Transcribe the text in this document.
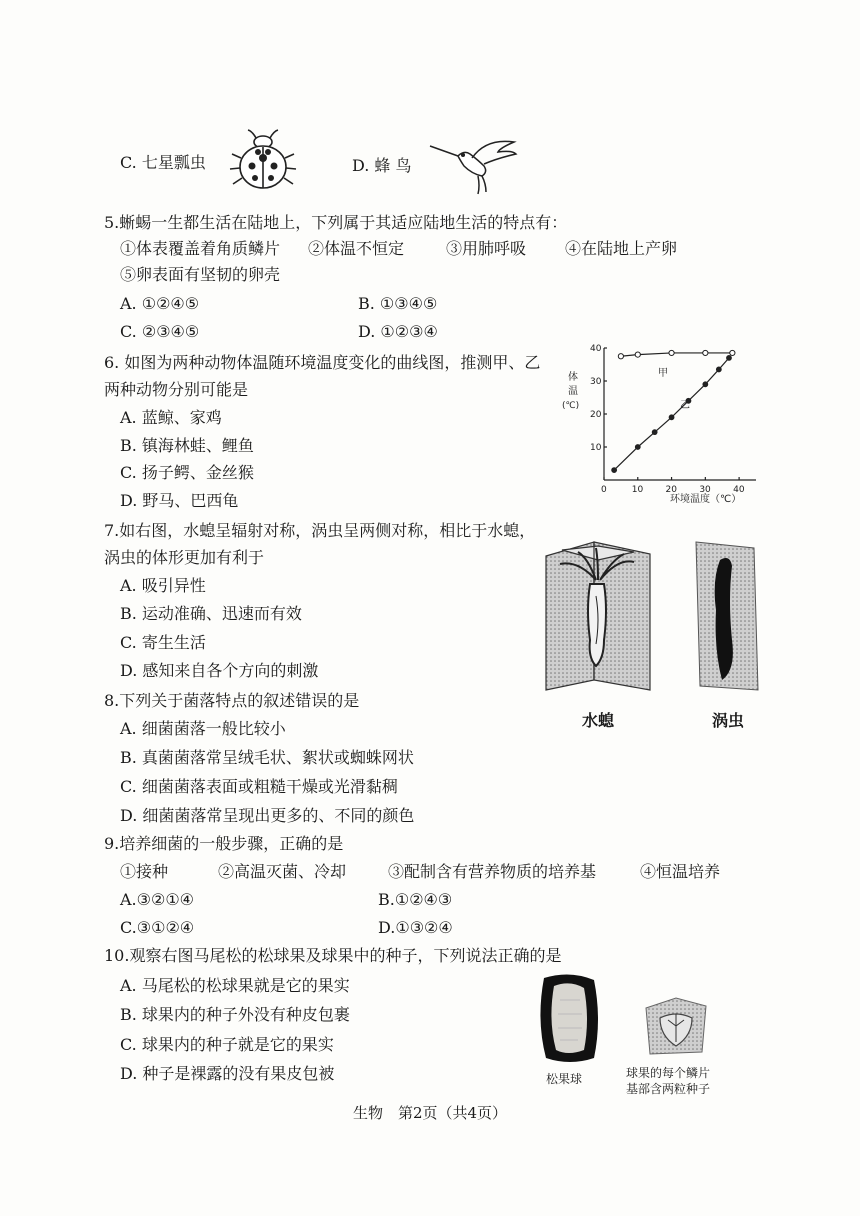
C. 七星瓢虫	D. 蜂 鸟
5.蜥蜴一生都生活在陆地上，下列属于其适应陆地生活的特点有：
①体表覆盖着角质鳞片 ②体温不恒定	③用肺呼吸 ④在陆地上产卵
⑤卵表面有坚韧的卵壳
A. ①②④⑤	B. ①③④⑤
C. ②③④⑤	D. ①②③④
6. 如图为两种动物体温随环境温度变化的曲线图，推测甲、乙
两种动物分别可能是
A. 蓝鲸、家鸡
B. 镇海林蛙、鲤鱼
C. 扬子鳄、金丝猴
D. 野马、巴西龟
0	10 20 30 40
10
20
30
40
体
温
(℃)
环境温度（℃）
甲
乙
7.如右图，水螅呈辐射对称，涡虫呈两侧对称，相比于水螅，
涡虫的体形更加有利于
A. 吸引异性
B. 运动准确、迅速而有效
C. 寄生生活
D. 感知来自各个方向的刺激
水螅	涡虫
8.下列关于菌落特点的叙述错误的是
A. 细菌菌落一般比较小
B. 真菌菌落常呈绒毛状、絮状或蜘蛛网状
C. 细菌菌落表面或粗糙干燥或光滑黏稠
D. 细菌菌落常呈现出更多的、不同的颜色
9.培养细菌的一般步骤，正确的是
①接种	②高温灭菌、冷却	③配制含有营养物质的培养基	④恒温培养
A.③②①④	B.①②④③
C.③①②④	D.①③②④
10.观察右图马尾松的松球果及球果中的种子，下列说法正确的是
A. 马尾松的松球果就是它的果实
B. 球果内的种子外没有种皮包裹
C. 球果内的种子就是它的果实
D. 种子是裸露的没有果皮包被	松果球	球果的每个鳞片
基部含两粒种子
生物　第2页（共4页）
